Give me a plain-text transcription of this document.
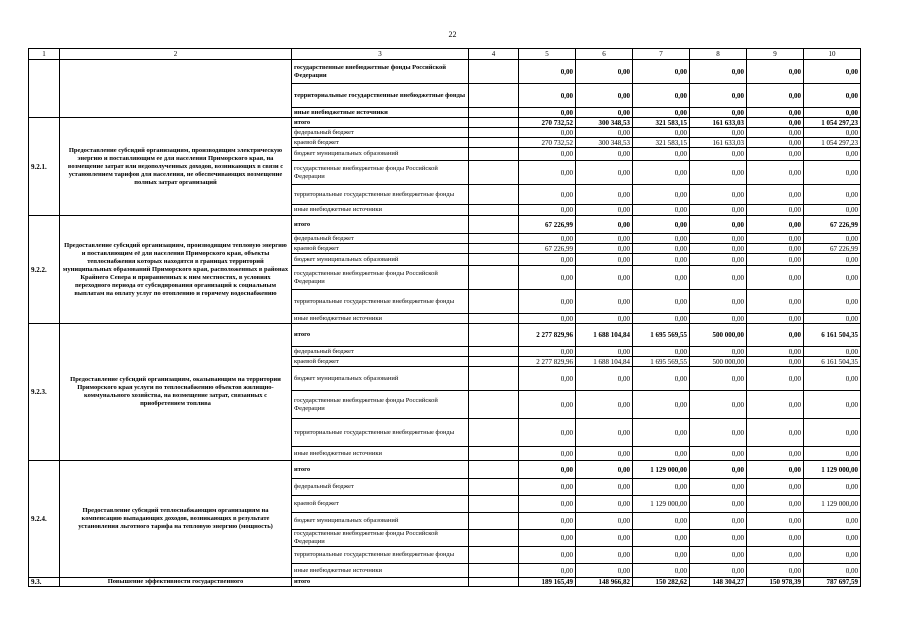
22
1	2	3	4	5	6	7	8	9	10
		государственные внебюджетные фонды Российской Федерации		0,00	0,00	0,00	0,00	0,00	0,00
		территориальные государственные внебюджетные фонды		0,00	0,00	0,00	0,00	0,00	0,00
		иные внебюджетные источники		0,00	0,00	0,00	0,00	0,00	0,00
9.2.1.	Предоставление субсидий организациям, производящим электрическую энергию и поставляющим ее для населения Приморского края, на возмещение затрат или недополученных доходов, возникающих в связи с установлением тарифов для населения, не обеспечивающих возмещение полных затрат организаций	итого		270 732,52	300 348,53	321 583,15	161 633,03	0,00	1 054 297,23
		федеральный бюджет		0,00	0,00	0,00	0,00	0,00	0,00
		краевой бюджет		270 732,52	300 348,53	321 583,15	161 633,03	0,00	1 054 297,23
		бюджет муниципальных образований		0,00	0,00	0,00	0,00	0,00	0,00
		государственные внебюджетные фонды Российской Федерации		0,00	0,00	0,00	0,00	0,00	0,00
		территориальные государственные внебюджетные фонды		0,00	0,00	0,00	0,00	0,00	0,00
		иные внебюджетные источники		0,00	0,00	0,00	0,00	0,00	0,00
9.2.2.	Предоставление субсидий организациям, производящим тепловую энергию и поставляющим её для населения Приморского края, объекты теплоснабжения которых находятся в границах территорий муниципальных образований Приморского края, расположенных в районах Крайнего Севера и приравненных к ним местностях, в условиях переходного периода от субсидирования организаций к социальным выплатам на оплату услуг по отоплению и горячему водоснабжению	итого		67 226,99	0,00	0,00	0,00	0,00	67 226,99
		федеральный бюджет		0,00	0,00	0,00	0,00	0,00	0,00
		краевой бюджет		67 226,99	0,00	0,00	0,00	0,00	67 226,99
		бюджет муниципальных образований		0,00	0,00	0,00	0,00	0,00	0,00
		государственные внебюджетные фонды Российской Федерации		0,00	0,00	0,00	0,00	0,00	0,00
		территориальные государственные внебюджетные фонды		0,00	0,00	0,00	0,00	0,00	0,00
		иные внебюджетные источники		0,00	0,00	0,00	0,00	0,00	0,00
9.2.3.	Предоставление субсидий организациям, оказывающим на территории Приморского края услуги по теплоснабжению объектов жилищно-коммунального хозяйства, на возмещение затрат, связанных с приобретением топлива	итого		2 277 829,96	1 688 104,84	1 695 569,55	500 000,00	0,00	6 161 504,35
		федеральный бюджет		0,00	0,00	0,00	0,00	0,00	0,00
		краевой бюджет		2 277 829,96	1 688 104,84	1 695 569,55	500 000,00	0,00	6 161 504,35
		бюджет муниципальных образований		0,00	0,00	0,00	0,00	0,00	0,00
		государственные внебюджетные фонды Российской Федерации		0,00	0,00	0,00	0,00	0,00	0,00
		территориальные государственные внебюджетные фонды		0,00	0,00	0,00	0,00	0,00	0,00
		иные внебюджетные источники		0,00	0,00	0,00	0,00	0,00	0,00
9.2.4.	Предоставление субсидий теплоснабжающим организациям на компенсацию выпадающих доходов, возникающих в результате установления льготного тарифа на тепловую энергию (мощность)	итого		0,00	0,00	1 129 000,00	0,00	0,00	1 129 000,00
		федеральный бюджет		0,00	0,00	0,00	0,00	0,00	0,00
		краевой бюджет		0,00	0,00	1 129 000,00	0,00	0,00	1 129 000,00
		бюджет муниципальных образований		0,00	0,00	0,00	0,00	0,00	0,00
		государственные внебюджетные фонды Российской Федерации		0,00	0,00	0,00	0,00	0,00	0,00
		территориальные государственные внебюджетные фонды		0,00	0,00	0,00	0,00	0,00	0,00
		иные внебюджетные источники		0,00	0,00	0,00	0,00	0,00	0,00
9.3.	Повышение эффективности государственного	итого		189 165,49	148 966,82	150 282,62	148 304,27	150 978,39	787 697,59
